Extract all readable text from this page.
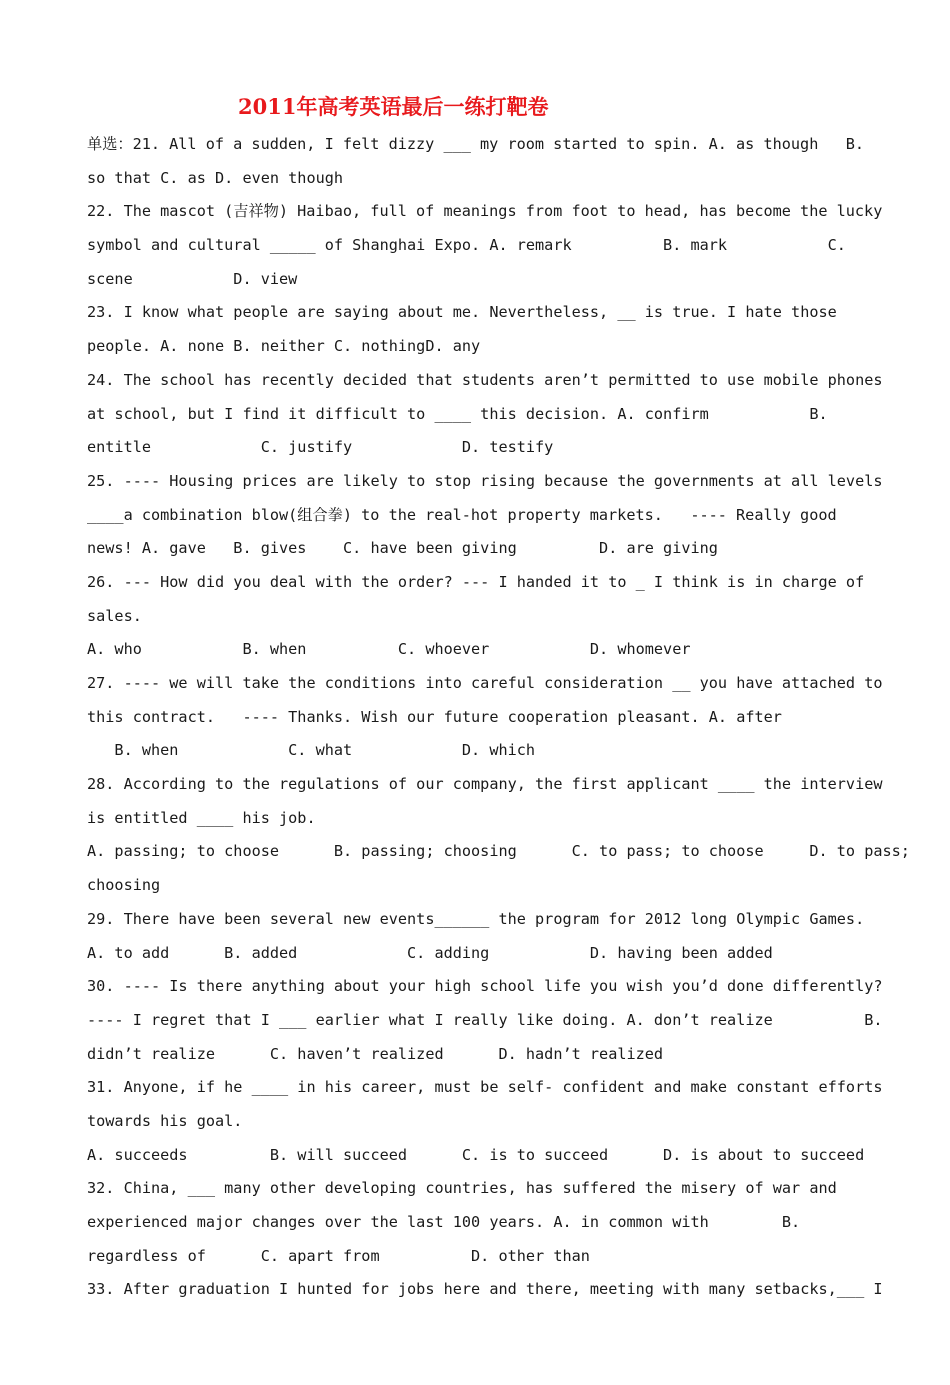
2011年高考英语最后一练打靶卷
单选：21. All of a sudden, I felt dizzy ___ my room started to spin. A. as though   B.
so that C. as D. even though
22. The mascot (吉祥物) Haibao, full of meanings from foot to head, has become the lucky
symbol and cultural _____ of Shanghai Expo. A. remark          B. mark           C.
scene           D. view
23. I know what people are saying about me. Nevertheless, __ is true. I hate those
people. A. none B. neither C. nothingD. any
24. The school has recently decided that students aren’t permitted to use mobile phones
at school, but I find it difficult to ____ this decision. A. confirm           B.
entitle            C. justify            D. testify
25. ---- Housing prices are likely to stop rising because the governments at all levels
____a combination blow(组合拳) to the real-hot property markets.   ---- Really good
news! A. gave   B. gives    C. have been giving         D. are giving
26. --- How did you deal with the order? --- I handed it to _ I think is in charge of
sales.
A. who           B. when          C. whoever           D. whomever
27. ---- we will take the conditions into careful consideration __ you have attached to
this contract.   ---- Thanks. Wish our future cooperation pleasant. A. after
B. when            C. what            D. which
28. According to the regulations of our company, the first applicant ____ the interview
is entitled ____ his job.
A. passing; to choose      B. passing; choosing      C. to pass; to choose     D. to pass;
choosing
29. There have been several new events______ the program for 2012 long Olympic Games.
A. to add      B. added            C. adding           D. having been added
30. ---- Is there anything about your high school life you wish you’d done differently?
---- I regret that I ___ earlier what I really like doing. A. don’t realize          B.
didn’t realize      C. haven’t realized      D. hadn’t realized
31. Anyone, if he ____ in his career, must be self- confident and make constant efforts
towards his goal.
A. succeeds         B. will succeed      C. is to succeed      D. is about to succeed
32. China, ___ many other developing countries, has suffered the misery of war and
experienced major changes over the last 100 years. A. in common with        B.
regardless of      C. apart from          D. other than
33. After graduation I hunted for jobs here and there, meeting with many setbacks,___ I
